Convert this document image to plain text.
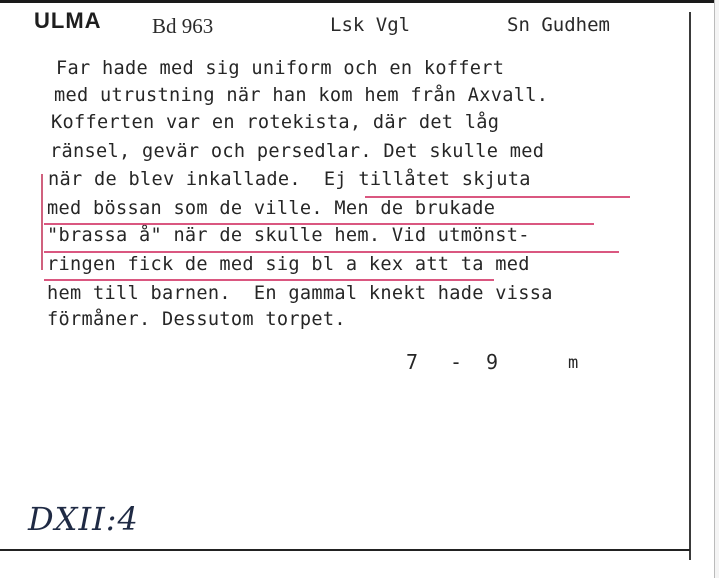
ULMA Bd 963	Lsk Vgl	Sn Gudhem
Far hade med sig uniform och en koffert
med utrustning när han kom hem från Axvall.
Kofferten var en rotekista, där det låg
ränsel, gevär och persedlar. Det skulle med
när de blev inkallade.  Ej tillåtet skjuta
med bössan som de ville. Men de brukade
"brassa å" när de skulle hem. Vid utmönst-
ringen fick de med sig bl a kex att ta med
hem till barnen.  En gammal knekt hade vissa
förmåner. Dessutom torpet.
7 - 9	m
DXII:4
